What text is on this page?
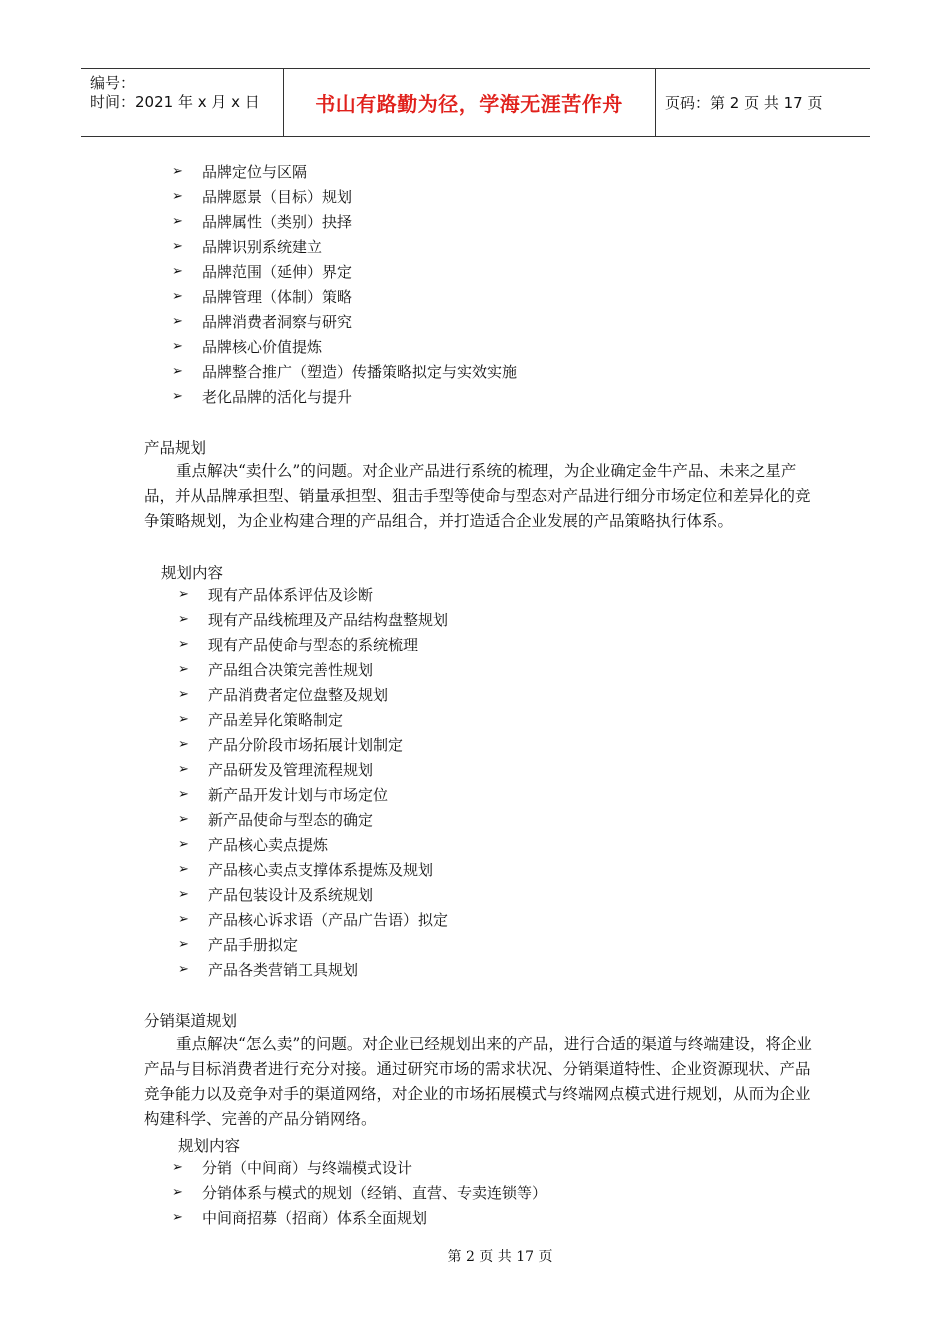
编号：
时间：2021 年 x 月 x 日	书山有路勤为径，学海无涯苦作舟	页码：第 2 页 共 17 页
➢	品牌定位与区隔
➢	品牌愿景（目标）规划
➢	品牌属性（类别）抉择
➢	品牌识别系统建立
➢	品牌范围（延伸）界定
➢	品牌管理（体制）策略
➢	品牌消费者洞察与研究
➢	品牌核心价值提炼
➢	品牌整合推广（塑造）传播策略拟定与实效实施
➢	老化品牌的活化与提升
产品规划
重点解决“卖什么”的问题。对企业产品进行系统的梳理，为企业确定金牛产品、未来之星产品，并从品牌承担型、销量承担型、狙击手型等使命与型态对产品进行细分市场定位和差异化的竞争策略规划，为企业构建合理的产品组合，并打造适合企业发展的产品策略执行体系。
规划内容
➢	现有产品体系评估及诊断
➢	现有产品线梳理及产品结构盘整规划
➢	现有产品使命与型态的系统梳理
➢	产品组合决策完善性规划
➢	产品消费者定位盘整及规划
➢	产品差异化策略制定
➢	产品分阶段市场拓展计划制定
➢	产品研发及管理流程规划
➢	新产品开发计划与市场定位
➢	新产品使命与型态的确定
➢	产品核心卖点提炼
➢	产品核心卖点支撑体系提炼及规划
➢	产品包装设计及系统规划
➢	产品核心诉求语（产品广告语）拟定
➢	产品手册拟定
➢	产品各类营销工具规划
分销渠道规划
重点解决“怎么卖”的问题。对企业已经规划出来的产品，进行合适的渠道与终端建设，将企业产品与目标消费者进行充分对接。通过研究市场的需求状况、分销渠道特性、企业资源现状、产品竞争能力以及竞争对手的渠道网络，对企业的市场拓展模式与终端网点模式进行规划，从而为企业构建科学、完善的产品分销网络。
规划内容
➢	分销（中间商）与终端模式设计
➢	分销体系与模式的规划（经销、直营、专卖连锁等）
➢	中间商招募（招商）体系全面规划
第 2 页 共 17 页
